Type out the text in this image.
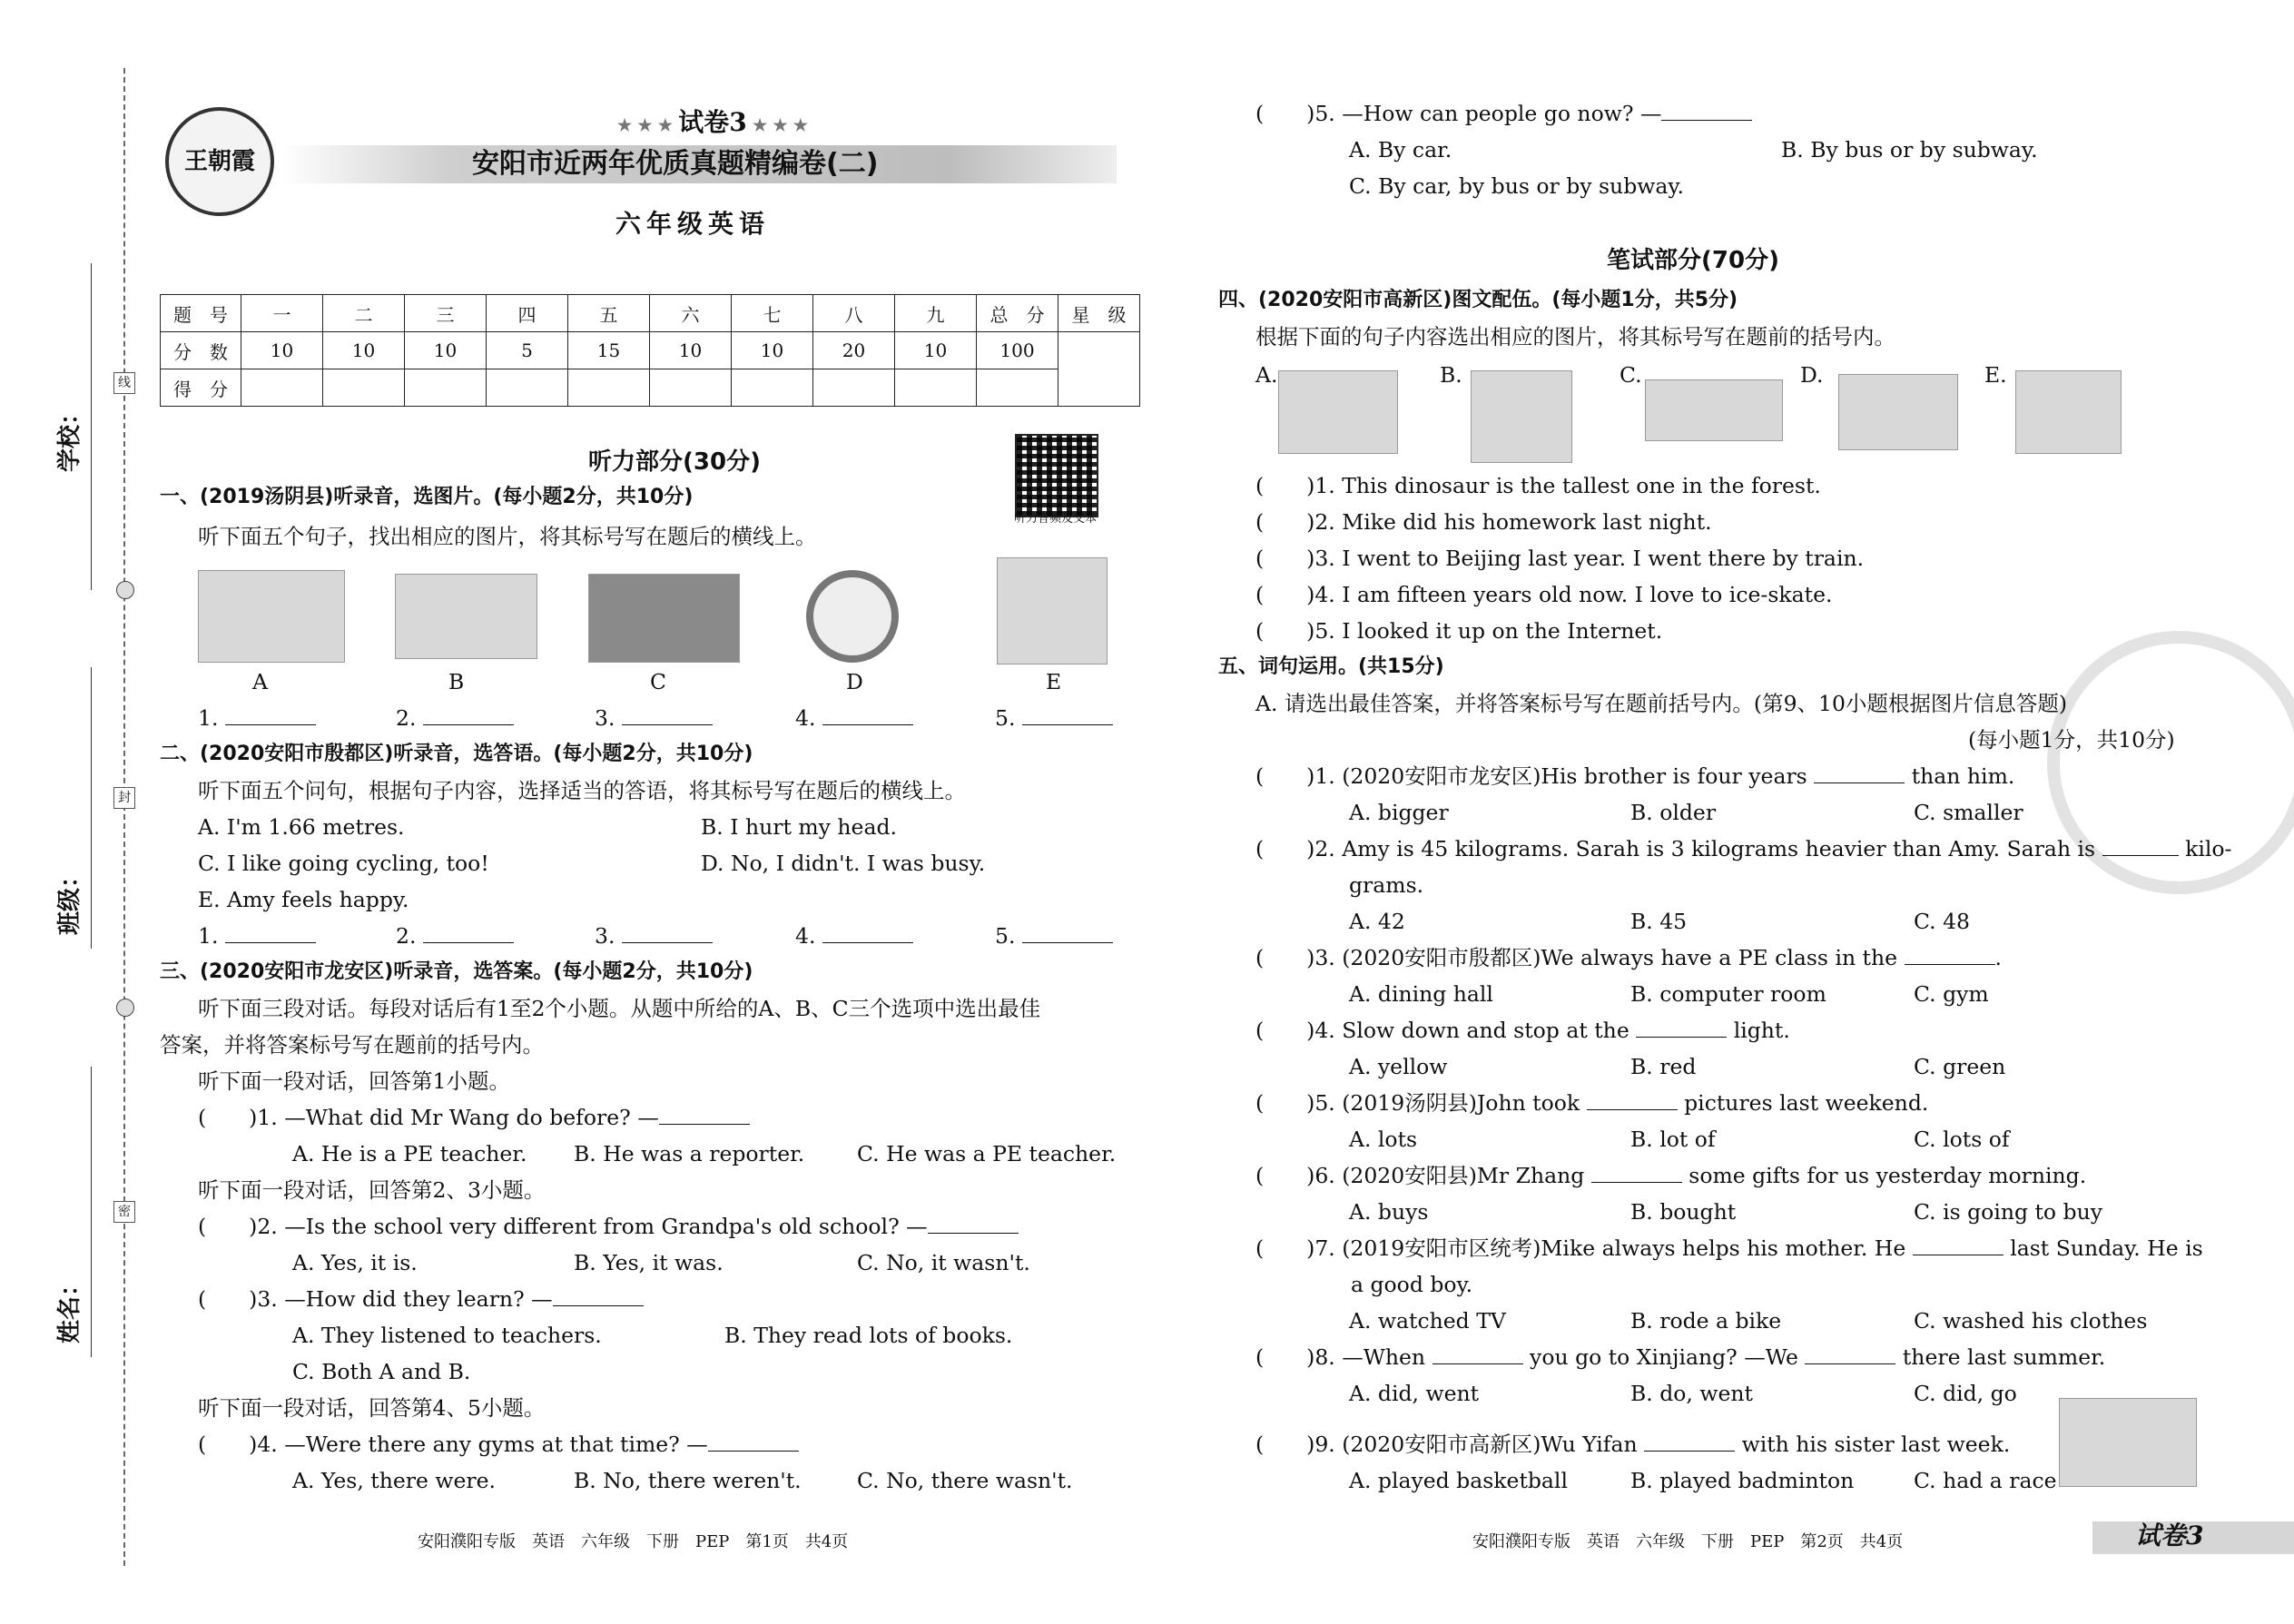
学校：
班级：
姓名：
线
封
密
王朝霞
★ ★ ★ 试卷3 ★ ★ ★
安阳市近两年优质真题精编卷(二)
六年级英语
题　号	一	二	三	四	五	六	七	八	九	总　分	星　级
分　数	10	10	10	5	15	10	10	20	10	100	
得　分											
听力部分(30分)
听力音频及文本
一、(2019汤阴县)听录音，选图片。(每小题2分，共10分)
听下面五个句子，找出相应的图片，将其标号写在题后的横线上。
A	B	C	D	E
1.	2.	3.	4.	5.
二、(2020安阳市殷都区)听录音，选答语。(每小题2分，共10分)
听下面五个问句，根据句子内容，选择适当的答语，将其标号写在题后的横线上。
A. I'm 1.66 metres.	B. I hurt my head.
C. I like going cycling, too!	D. No, I didn't. I was busy.
E. Amy feels happy.
1.	2.	3.	4.	5.
三、(2020安阳市龙安区)听录音，选答案。(每小题2分，共10分)
听下面三段对话。每段对话后有1至2个小题。从题中所给的A、B、C三个选项中选出最佳
答案，并将答案标号写在题前的括号内。
听下面一段对话，回答第1小题。
(　　)1. —What did Mr Wang do before? —
A. He is a PE teacher. B. He was a reporter. C. He was a PE teacher.
听下面一段对话，回答第2、3小题。
(　　)2. —Is the school very different from Grandpa's old school? —
A. Yes, it is.	B. Yes, it was.	C. No, it wasn't.
(　　)3. —How did they learn? —
A. They listened to teachers.	B. They read lots of books.
C. Both A and B.
听下面一段对话，回答第4、5小题。
(　　)4. —Were there any gyms at that time? —
A. Yes, there were.	B. No, there weren't.	C. No, there wasn't.
(　　)5. —How can people go now? —
A. By car.	B. By bus or by subway.
C. By car, by bus or by subway.
笔试部分(70分)
四、(2020安阳市高新区)图文配伍。(每小题1分，共5分)
根据下面的句子内容选出相应的图片，将其标号写在题前的括号内。
A.	B.	C.	D.	E.
(　　)1. This dinosaur is the tallest one in the forest.
(　　)2. Mike did his homework last night.
(　　)3. I went to Beijing last year. I went there by train.
(　　)4. I am fifteen years old now. I love to ice-skate.
(　　)5. I looked it up on the Internet.
五、词句运用。(共15分)
A. 请选出最佳答案，并将答案标号写在题前括号内。(第9、10小题根据图片信息答题)
(每小题1分，共10分)
(　　)1. (2020安阳市龙安区)His brother is four years	than him.
A. bigger	B. older	C. smaller
(　　)2. Amy is 45 kilograms. Sarah is 3 kilograms heavier than Amy. Sarah is	kilo-
grams.
A. 42	B. 45	C. 48
(　　)3. (2020安阳市殷都区)We always have a PE class in the	.
A. dining hall	B. computer room	C. gym
(　　)4. Slow down and stop at the	light.
A. yellow	B. red	C. green
(　　)5. (2019汤阴县)John took	pictures last weekend.
A. lots	B. lot of	C. lots of
(　　)6. (2020安阳县)Mr Zhang	some gifts for us yesterday morning.
A. buys	B. bought	C. is going to buy
(　　)7. (2019安阳市区统考)Mike always helps his mother. He	last Sunday. He is
a good boy.
A. watched TV	B. rode a bike	C. washed his clothes
(　　)8. —When	you go to Xinjiang? —We	there last summer.
A. did, went	B. do, went	C. did, go
(　　)9. (2020安阳市高新区)Wu Yifan	with his sister last week.
A. played basketball	B. played badminton	C. had a race
安阳濮阳专版　英语　六年级　下册　PEP　第1页　共4页	安阳濮阳专版　英语　六年级　下册　PEP　第2页　共4页	试卷3
